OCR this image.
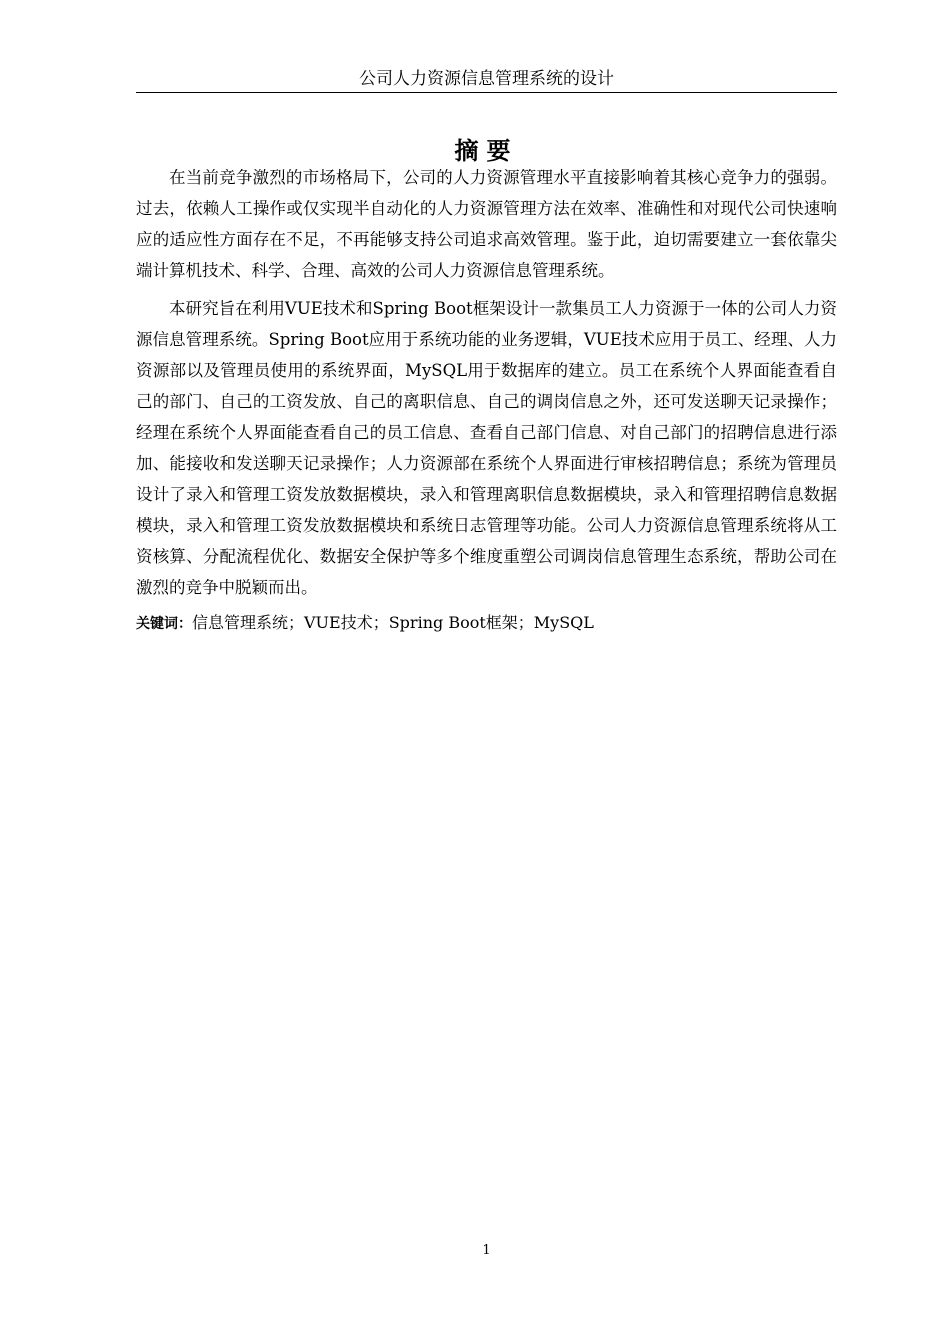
公司人力资源信息管理系统的设计
摘要

在当前竞争激烈的市场格局下，公司的人力资源管理水平直接影响着其核心竞争力的强弱。过去，依赖人工操作或仅实现半自动化的人力资源管理方法在效率、准确性和对现代公司快速响应的适应性方面存在不足，不再能够支持公司追求高效管理。鉴于此，迫切需要建立一套依靠尖端计算机技术、科学、合理、高效的公司人力资源信息管理系统。

本研究旨在利用VUE技术和Spring Boot框架设计一款集员工人力资源于一体的公司人力资源信息管理系统。Spring Boot应用于系统功能的业务逻辑，VUE技术应用于员工、经理、人力资源部以及管理员使用的系统界面，MySQL用于数据库的建立。员工在系统个人界面能查看自己的部门、自己的工资发放、自己的离职信息、自己的调岗信息之外，还可发送聊天记录操作；经理在系统个人界面能查看自己的员工信息、查看自己部门信息、对自己部门的招聘信息进行添加、能接收和发送聊天记录操作；人力资源部在系统个人界面进行审核招聘信息；系统为管理员设计了录入和管理工资发放数据模块，录入和管理离职信息数据模块，录入和管理招聘信息数据模块，录入和管理工资发放数据模块和系统日志管理等功能。公司人力资源信息管理系统将从工资核算、分配流程优化、数据安全保护等多个维度重塑公司调岗信息管理生态系统，帮助公司在激烈的竞争中脱颖而出。

关键词：信息管理系统；VUE技术；Spring Boot框架；MySQL

1
